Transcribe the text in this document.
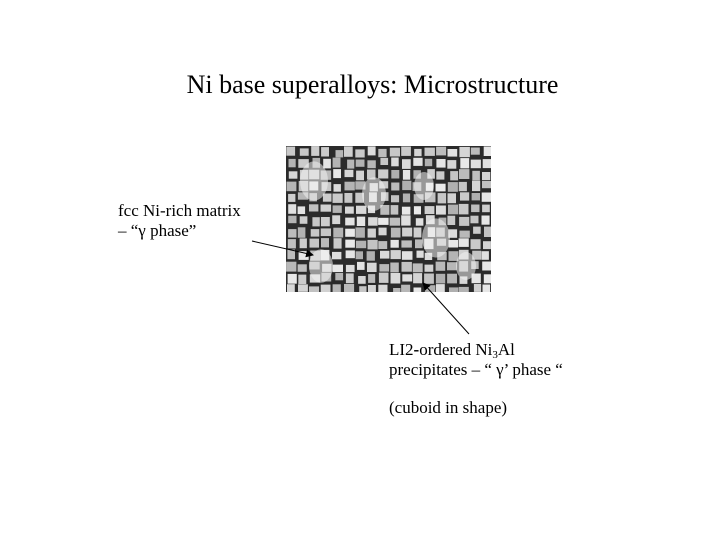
Ni base superalloys: Microstructure
fcc Ni-rich matrix
– “γ phase”
LI2-ordered $Ni_3Al$
precipitates – “ γ’ phase “
(cuboid in shape)
